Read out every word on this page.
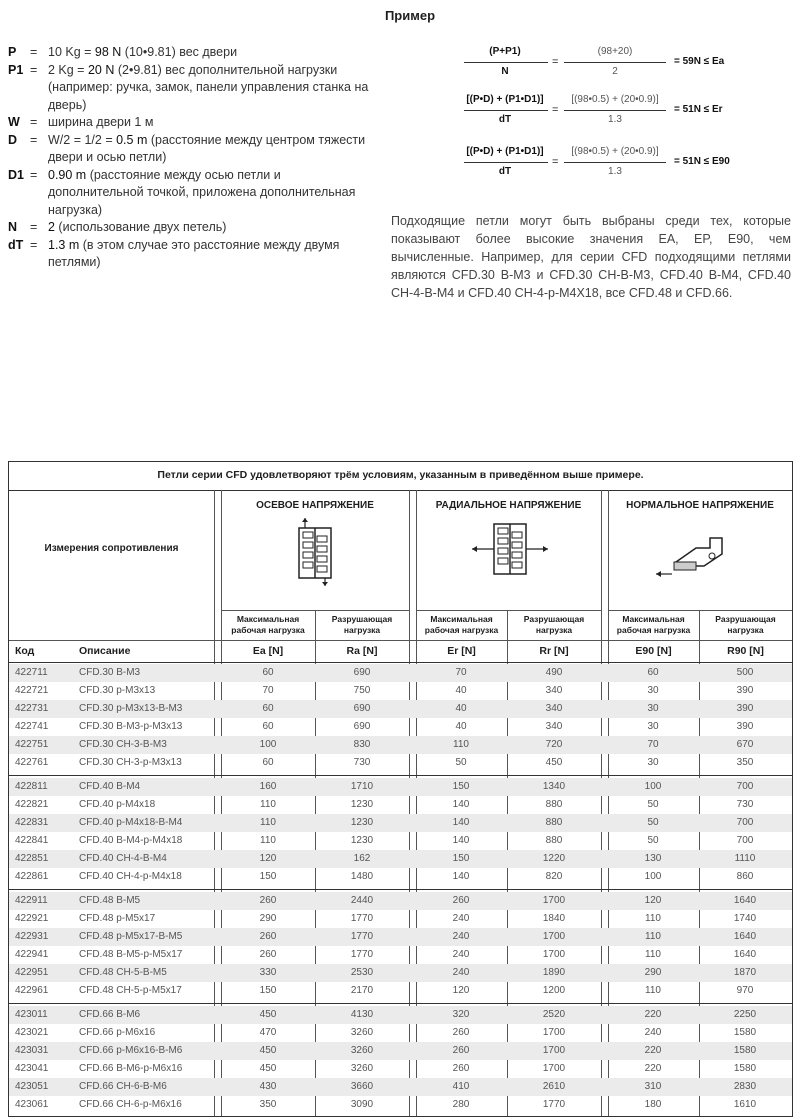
Пример
P	= 10 Kg = 98 N (10•9.81) вес двери
P1 = 2 Kg = 20 N (2•9.81) вес дополнительной нагрузки (например: ручка, замок, панели управления станка на дверь)
W = ширина двери 1 м
D	= W/2 = 1/2 = 0.5 m (расстояние между центром тяжести двери и осью петли)
D1 = 0.90 m (расстояние между осью петли и дополнительной точкой, приложена дополнительная нагрузка)
N	= 2 (использование двух петель)
dT = 1.3 m (в этом случае это расстояние между двумя петлями)
(P+P1)
N
=
(98+20)
2
= 59N ≤ Ea
[(P•D) + (P1•D1)]
dT
=
[(98•0.5) + (20•0.9)]
1.3
= 51N ≤ Er
[(P•D) + (P1•D1)]
dT
=
[(98•0.5) + (20•0.9)]
1.3
= 51N ≤ E90
Подходящие петли могут быть выбраны среди тех, которые показывают более высокие значения EA, EP, E90, чем вычисленные. Например, для серии CFD подходящими петлями являются CFD.30 B-M3 и CFD.30 CH-B-M3, CFD.40 B-M4, CFD.40 CH-4-B-M4 и CFD.40 CH-4-p-M4X18, все CFD.48 и CFD.66.
Петли серии CFD удовлетворяют трём условиям, указанным в приведённом выше примере.
Измерения сопротивления
ОСЕВОЕ НАПРЯЖЕНИЕ	РАДИАЛЬНОЕ НАПРЯЖЕНИЕ	НОРМАЛЬНОЕ НАПРЯЖЕНИЕ
Максимальная рабочая нагрузка
Разрушающая нагрузка
Максимальная рабочая нагрузка
Разрушающая нагрузка
Максимальная рабочая нагрузка
Разрушающая нагрузка
Код	Описание	Ea [N]	Ra [N]	Er [N]	Rr [N]	E90 [N]	R90 [N]
422711	CFD.30 B-M3	60	690	70	490	60	500
422721	CFD.30 p-M3x13	70	750	40	340	30	390
422731	CFD.30 p-M3x13-B-M3	60	690	40	340	30	390
422741	CFD.30 B-M3-p-M3x13	60	690	40	340	30	390
422751	CFD.30 CH-3-B-M3	100	830	110	720	70	670
422761	CFD.30 CH-3-p-M3x13	60	730	50	450	30	350
422811	CFD.40 B-M4	160	1710	150	1340	100	700
422821	CFD.40 p-M4x18	110	1230	140	880	50	730
422831	CFD.40 p-M4x18-B-M4	110	1230	140	880	50	700
422841	CFD.40 B-M4-p-M4x18	110	1230	140	880	50	700
422851	CFD.40 CH-4-B-M4	120	162	150	1220	130	1110
422861	CFD.40 CH-4-p-M4x18	150	1480	140	820	100	860
422911	CFD.48 B-M5	260	2440	260	1700	120	1640
422921	CFD.48 p-M5x17	290	1770	240	1840	110	1740
422931	CFD.48 p-M5x17-B-M5	260	1770	240	1700	110	1640
422941	CFD.48 B-M5-p-M5x17	260	1770	240	1700	110	1640
422951	CFD.48 CH-5-B-M5	330	2530	240	1890	290	1870
422961	CFD.48 CH-5-p-M5x17	150	2170	120	1200	110	970
423011	CFD.66 B-M6	450	4130	320	2520	220	2250
423021	CFD.66 p-M6x16	470	3260	260	1700	240	1580
423031	CFD.66 p-M6x16-B-M6	450	3260	260	1700	220	1580
423041	CFD.66 B-M6-p-M6x16	450	3260	260	1700	220	1580
423051	CFD.66 CH-6-B-M6	430	3660	410	2610	310	2830
423061	CFD.66 CH-6-p-M6x16	350	3090	280	1770	180	1610
